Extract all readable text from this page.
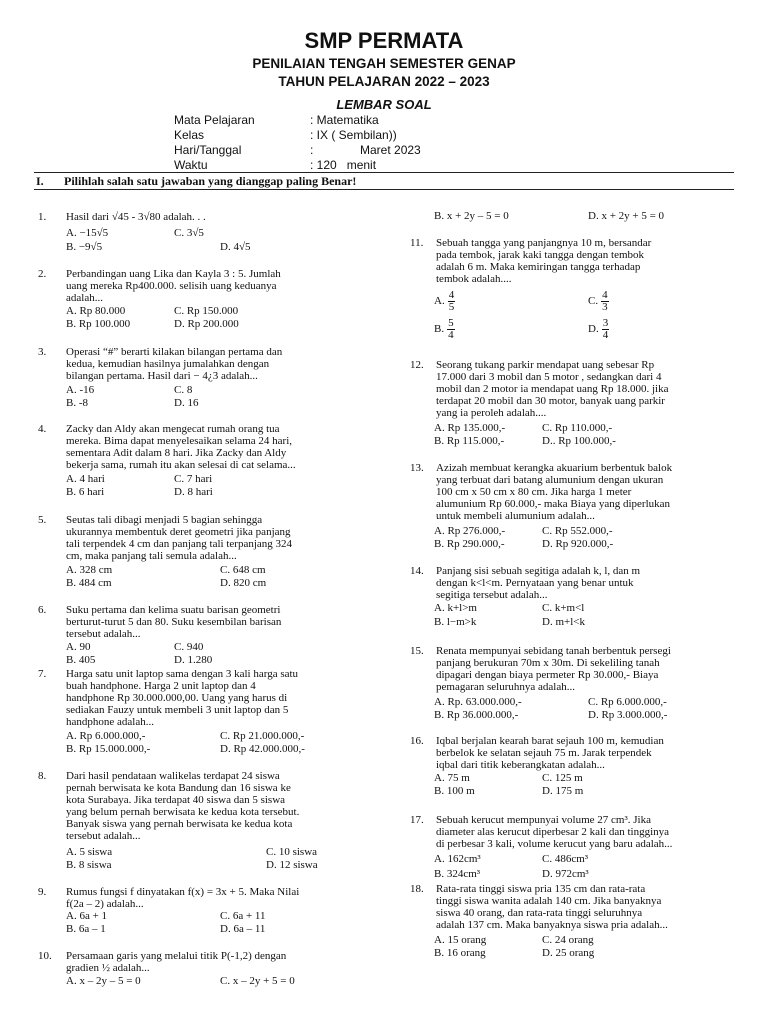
SMP PERMATA
PENILAIAN TENGAH SEMESTER GENAP
TAHUN PELAJARAN 2022 – 2023
LEMBAR SOAL
Mata Pelajaran	: Matematika
Kelas	: IX ( Sembilan))
Hari/Tanggal	:              Maret 2023
Waktu	: 120   menit
I. Pilihlah salah satu jawaban yang dianggap paling Benar!
1. Hasil dari √45 - 3√80 adalah. . .

A. −15√5	C. 3√5
B. −9√5	D. 4√5
2. Perbandingan uang Lika dan Kayla 3 : 5. Jumlah

uang mereka Rp400.000. selisih uang keduanya

adalah...

A. Rp 80.000	C. Rp 150.000
B. Rp 100.000	D. Rp 200.000
3. Operasi “#” berarti kilakan bilangan pertama dan

kedua, kemudian hasilnya jumalahkan dengan

bilangan pertama. Hasil dari − 4¿3 adalah...

A. -16	C. 8
B. -8	D. 16
4. Zacky dan Aldy akan mengecat rumah orang tua

mereka. Bima dapat menyelesaikan selama 24 hari,

sementara Adit dalam 8 hari. Jika Zacky dan Aldy

bekerja sama, rumah itu akan selesai di cat selama...

A. 4 hari	C. 7 hari
B. 6 hari	D. 8 hari
5. Seutas tali dibagi menjadi 5 bagian sehingga

ukurannya membentuk deret geometri jika panjang

tali terpendek 4 cm dan panjang tali terpanjang 324

cm, maka panjang tali semula adalah...

A. 328 cm	C. 648 cm
B. 484 cm	D. 820 cm
6. Suku pertama dan kelima suatu barisan geometri

berturut-turut 5 dan 80. Suku kesembilan barisan

tersebut adalah...

A. 90	C. 940
B. 405	D. 1.280
7. Harga satu unit laptop sama dengan 3 kali harga satu

buah handphone. Harga 2 unit laptop dan 4

handphone Rp 30.000.000,00. Uang yang harus di

sediakan Fauzy untuk membeli 3 unit laptop dan 5

handphone adalah...

A. Rp 6.000.000,-	C. Rp 21.000.000,-
B. Rp 15.000.000,-	D. Rp 42.000.000,-
8. Dari hasil pendataan walikelas terdapat 24 siswa

pernah berwisata ke kota Bandung dan 16 siswa ke

kota Surabaya. Jika terdapat 40 siswa dan 5 siswa

yang belum pernah berwisata ke kedua kota tersebut.

Banyak siswa yang pernah berwisata ke kedua kota

tersebut adalah...

A. 5 siswa	C. 10 siswa
B. 8 siswa	D. 12 siswa
9. Rumus fungsi f dinyatakan f(x) = 3x + 5. Maka Nilai

f(2a – 2) adalah...

A. 6a + 1	C. 6a + 11
B. 6a – 1	D. 6a – 11
10. Persamaan garis yang melalui titik P(-1,2) dengan

gradien ½ adalah...

A. x – 2y – 5 = 0	C. x – 2y + 5 = 0
B. x + 2y – 5 = 0	D. x + 2y + 5 = 0
11. Sebuah tangga yang panjangnya 10 m, bersandar

pada tembok, jarak kaki tangga dengan tembok

adalah 6 m. Maka kemiringan tangga terhadap

tembok adalah....

A. $\frac{4}{5}$	C. $\frac{4}{3}$
B. $\frac{5}{4}$	D. $\frac{3}{4}$
12. Seorang tukang parkir mendapat uang sebesar Rp

17.000 dari 3 mobil dan 5 motor , sedangkan dari 4

mobil dan 2 motor ia mendapat uang Rp 18.000. jika

terdapat 20 mobil dan 30 motor, banyak uang parkir

yang ia peroleh adalah....

A. Rp 135.000,-	C. Rp 110.000,-
B. Rp 115.000,-	D.. Rp 100.000,-
13. Azizah membuat kerangka akuarium berbentuk balok

yang terbuat dari batang alumunium dengan ukuran

100 cm x 50 cm x 80 cm. Jika harga 1 meter

alumunium Rp 60.000,- maka Biaya yang diperlukan

untuk membeli alumunium adalah...

A. Rp 276.000,-	C. Rp 552.000,-
B. Rp 290.000,-	D. Rp 920.000,-
14. Panjang sisi sebuah segitiga adalah k, l, dan m

dengan k<l<m. Pernyataan yang benar untuk

segitiga tersebut adalah...

A. k+l>m	C. k+m<l
B. l−m>k	D. m+l<k
15. Renata mempunyai sebidang tanah berbentuk persegi

panjang berukuran 70m x 30m. Di sekeliling tanah

dipagari dengan biaya permeter Rp 30.000,- Biaya

pemagaran seluruhnya adalah...

A. Rp. 63.000.000,-	C. Rp 6.000.000,-
B. Rp 36.000.000,-	D. Rp 3.000.000,-
16. Iqbal berjalan kearah barat sejauh 100 m, kemudian

berbelok ke selatan sejauh 75 m. Jarak terpendek

iqbal dari titik keberangkatan adalah...

A. 75 m	C. 125 m
B. 100 m	D. 175 m
17. Sebuah kerucut mempunyai volume 27 cm³. Jika

diameter alas kerucut diperbesar 2 kali dan tingginya

di perbesar 3 kali, volume kerucut yang baru adalah...

A. 162cm³	C. 486cm³
B. 324cm³	D. 972cm³
18. Rata-rata tinggi siswa pria 135 cm dan rata-rata

tinggi siswa wanita adalah 140 cm. Jika banyaknya

siswa 40 orang, dan rata-rata tinggi seluruhnya

adalah 137 cm. Maka banyaknya siswa pria adalah...

A. 15 orang	C. 24 orang
B. 16 orang	D. 25 orang
